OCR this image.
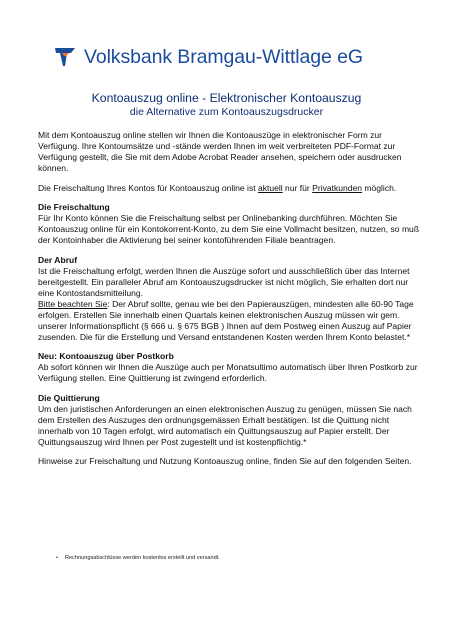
Volksbank Bramgau-Wittlage eG
Kontoauszug online - Elektronischer Kontoauszug
die Alternative zum Kontoauszugsdrucker

Mit dem Kontoauszug online stellen wir Ihnen die Kontoauszüge in elektronischer Form zur Verfügung. Ihre Kontoumsätze und -stände werden Ihnen im weit verbreiteten PDF-Format zur Verfügung gestellt, die Sie mit dem Adobe Acrobat Reader ansehen, speichern oder ausdrucken können.

Die Freischaltung Ihres Kontos für Kontoauszug online ist aktuell nur für Privatkunden möglich.

Die Freischaltung
Für Ihr Konto können Sie die Freischaltung selbst per Onlinebanking durchführen. Möchten Sie Kontoauszug online für ein Kontokorrent-Konto, zu dem Sie eine Vollmacht besitzen, nutzen, so muß der Kontoinhaber die Aktivierung bei seiner kontoführenden Filiale beantragen.

Der Abruf
Ist die Freischaltung erfolgt, werden Ihnen die Auszüge sofort und ausschließlich über das Internet bereitgestellt. Ein paralleler Abruf am Kontoauszugsdrucker ist nicht möglich, Sie erhalten dort nur eine Kontostandsmitteilung.
Bitte beachten Sie: Der Abruf sollte, genau wie bei den Papierauszügen, mindesten alle 60-90 Tage erfolgen. Erstellen Sie innerhalb einen Quartals keinen elektronischen Auszug müssen wir gem. unserer Informationspflicht (§ 666 u. § 675 BGB ) Ihnen auf dem Postweg einen Auszug auf Papier zusenden. Die für die Erstellung und Versand entstandenen Kosten werden Ihrem Konto belastet.*

Neu: Kontoauszug über Postkorb
Ab sofort können wir Ihnen die Auszüge auch per Monatsultimo automatisch über Ihren Postkorb zur Verfügung stellen. Eine Quittierung ist zwingend erforderlich.

Die Quittierung
Um den juristischen Anforderungen an einen elektronischen Auszug zu genügen, müssen Sie nach dem Erstellen des Auszuges den ordnungsgemässen Erhalt bestätigen. Ist die Quittung nicht innerhalb von 10 Tagen erfolgt, wird automatisch ein Quittungsauszug auf Papier erstellt. Der Quittungsauszug wird Ihnen per Post zugestellt und ist kostenpflichtig.*

Hinweise zur Freischaltung und Nutzung Kontoauszug online, finden Sie auf den folgenden Seiten.

• Rechnungsabschlüsse werden kostenlos erstellt und versandt.
